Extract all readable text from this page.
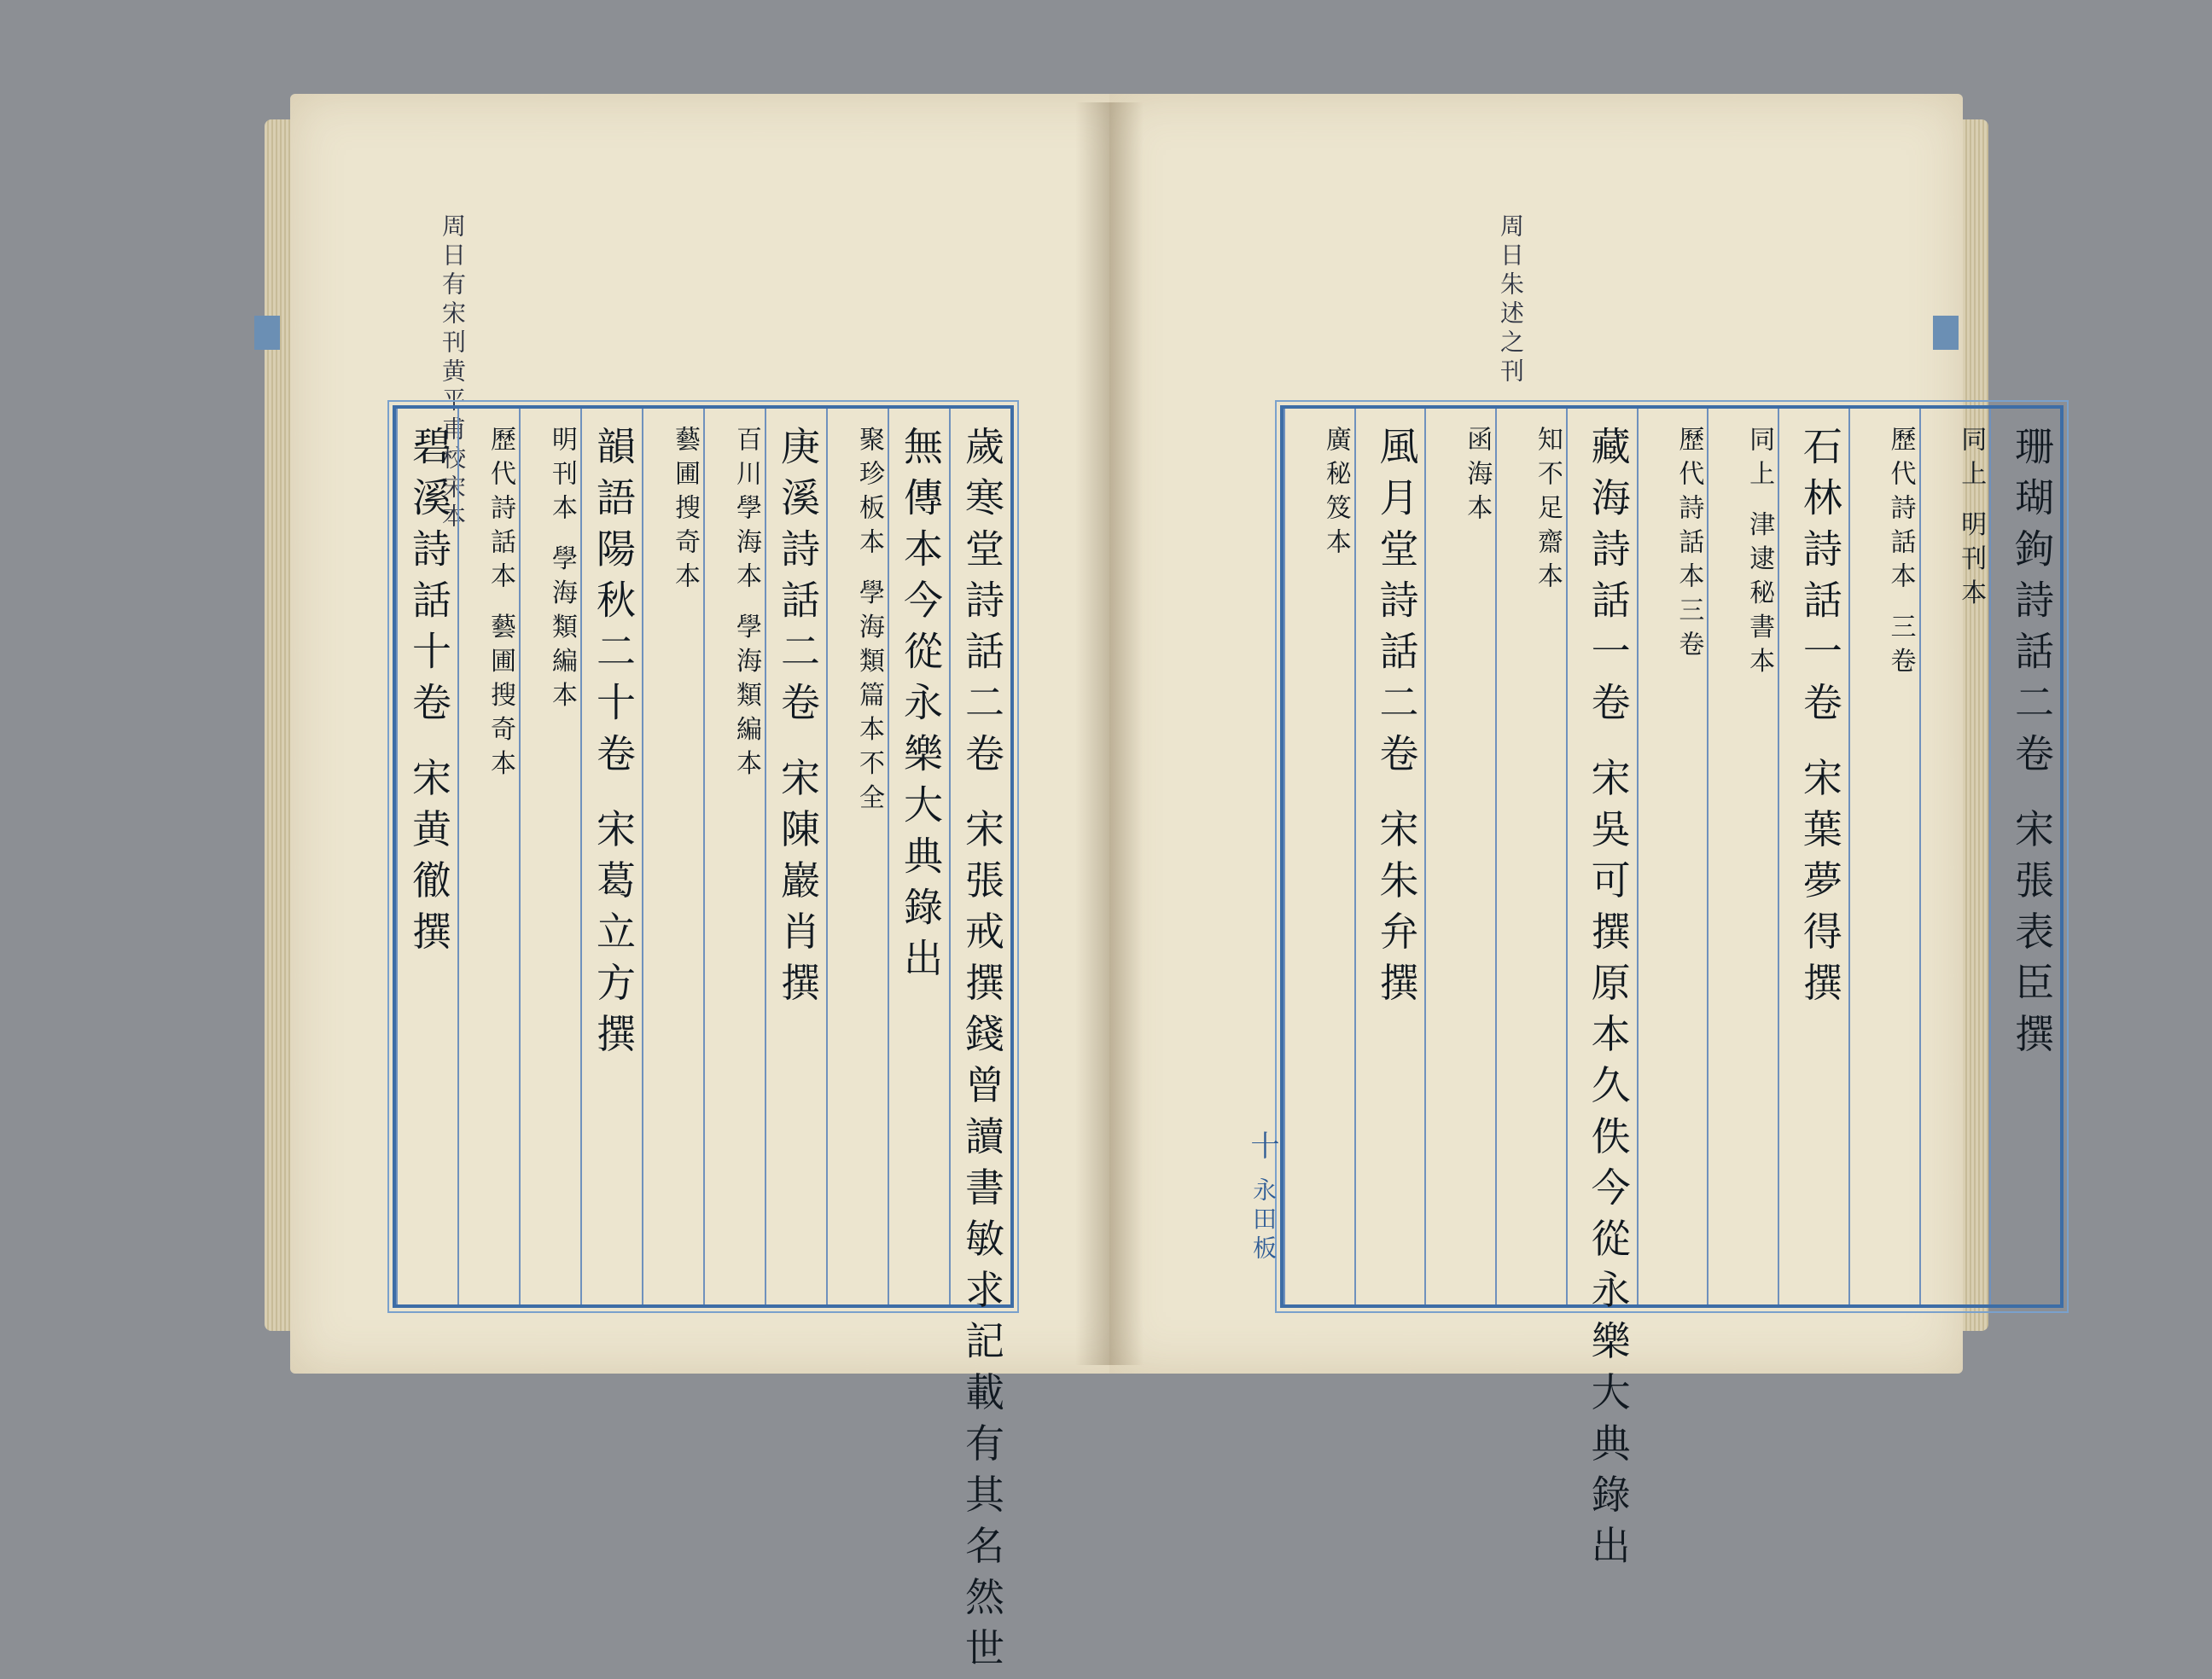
周日有宋刊黄平甫校宋本	周日朱述之刊
歲寒堂詩話二卷 宋張戒撰錢曾讀書敏求記載有其名然世
無傳本今從永樂大典錄出
聚珍板本 學海類篇本不全
庚溪詩話二卷 宋陳巖肖撰
百川學海本 學海類編本
藝圃搜奇本
韻語陽秋二十卷 宋葛立方撰
明刊本 學海類編本
歷代詩話本 藝圃搜奇本
碧溪詩話十卷 宋黄徹撰	珊瑚鉤詩話二卷 宋張表臣撰
同上 明刊本
歷代詩話本 三卷
石林詩話一卷 宋葉夢得撰
同上 津逮秘書本
歷代詩話本三卷
藏海詩話一卷 宋吳可撰原本久佚今從永樂大典錄出
知不足齋本
函海本
風月堂詩話二卷 宋朱弁撰
廣秘笈本
十
永田板
